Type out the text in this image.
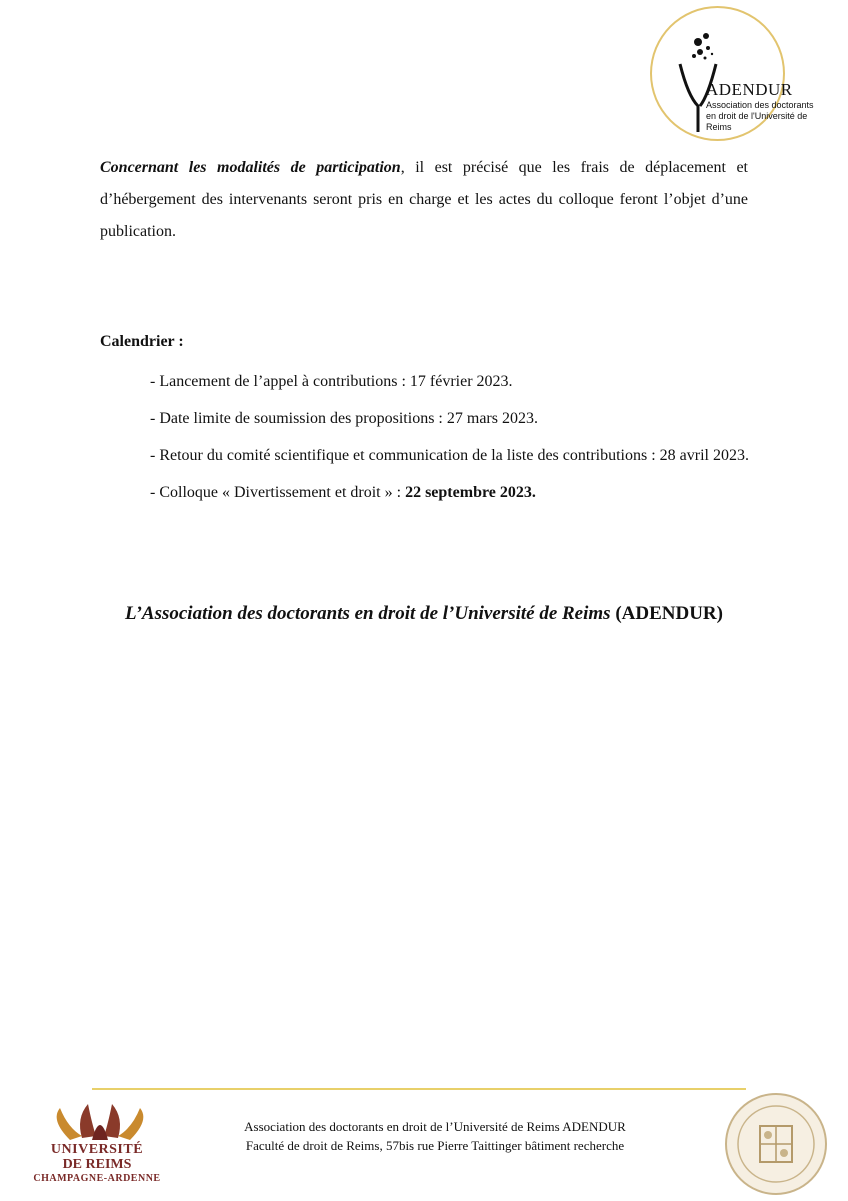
ADENDUR
Association des doctorants en droit de l'Université de Reims

Concernant les modalités de participation, il est précisé que les frais de déplacement et d’hébergement des intervenants seront pris en charge et les actes du colloque feront l’objet d’une publication.

Calendrier :
- Lancement de l’appel à contributions : 17 février 2023.
- Date limite de soumission des propositions : 27 mars 2023.
- Retour du comité scientifique et communication de la liste des contributions : 28 avril 2023.
- Colloque « Divertissement et droit » : 22 septembre 2023.
L’Association des doctorants en droit de l’Université de Reims (ADENDUR)
UNIVERSITÉ
DE REIMS
CHAMPAGNE-ARDENNE
Association des doctorants en droit de l’Université de Reims ADENDUR
Faculté de droit de Reims, 57bis rue Pierre Taittinger bâtiment recherche
